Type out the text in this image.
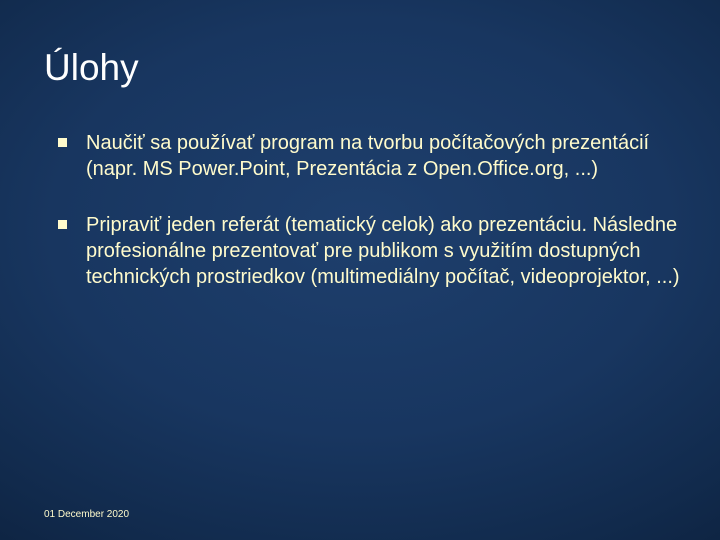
Úlohy
Naučiť sa používať program na tvorbu počítačových prezentácií (napr. MS Power.Point, Prezentácia z Open.Office.org, ...)
Pripraviť jeden referát (tematický celok) ako prezentáciu. Následne profesionálne prezentovať pre publikom s využitím dostupných technických prostriedkov (multimediálny počítač, videoprojektor, ...)
01 December 2020
